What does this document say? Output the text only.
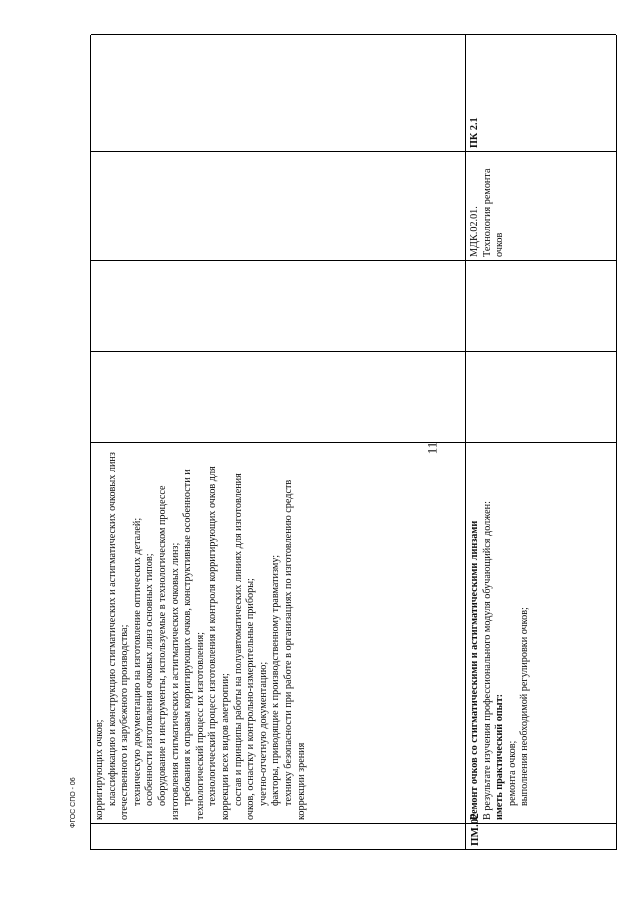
11
ФГОС СПО - 06 корригирующих очков; классификацию и конструкцию стигматических и астигматических очковых линз отечественного и зарубежного производства; техническую документацию на изготовление оптических деталей; особенности изготовления очковых линз основных типов; оборудование и инструменты, используемые в технологическом процессе изготовления стигматических и астигматических очковых линз; требования к оправам корригирующих очков, конструктивные особенности и технологический процесс их изготовления; технологический процесс изготовления и контроля корригирующих очков для коррекции всех видов аметропии; состав и принципы работы на полуавтоматических линиях для изготовления очков, оснастку и контрольно-измерительные приборы; учетно-отчетную документацию; факторы, приводящие к производственному травматизму; технику безопасности при работе в организациях по изготовлению средств коррекции зрения

ПМ.02

Ремонт очков со стигматическими и астигматическими линзами В результате изучения профессионального модуля обучающийся должен: иметь практический опыт: ремонта очков; выполнения необходимой регулировки очков;

МДК.02.01. Технология ремонта очков
ПК 2.1
